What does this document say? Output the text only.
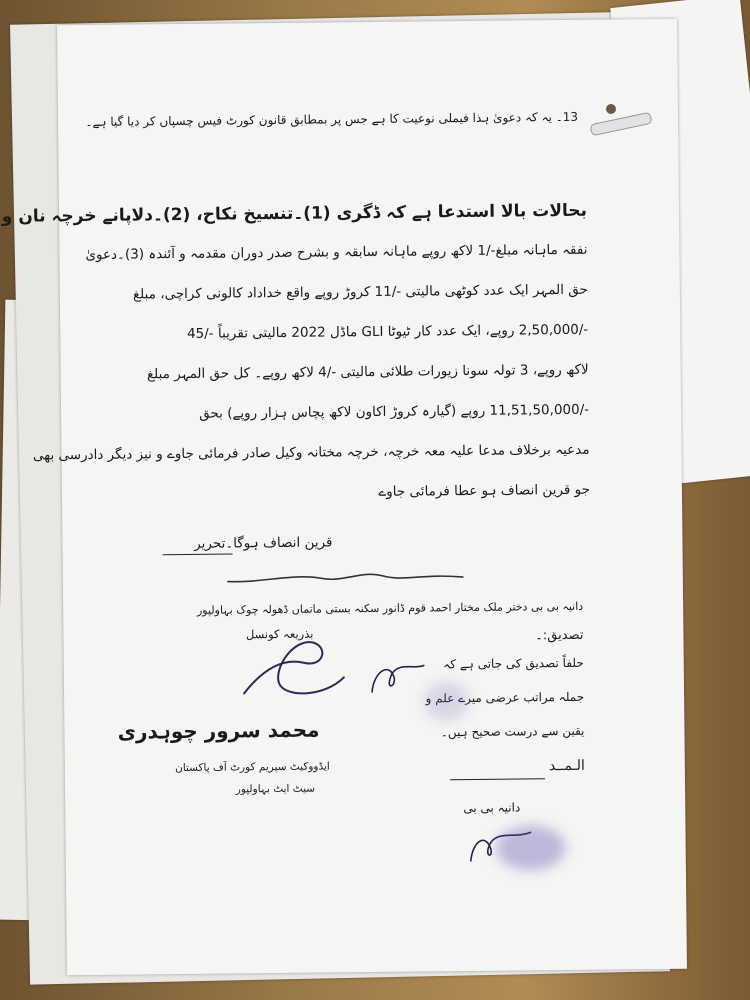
13۔ یہ کہ دعویٰ ہذا فیملی نوعیت کا ہے جس پر بمطابق قانون کورٹ فیس چسپاں کر دیا گیا ہے۔
بحالات بالا استدعا ہے کہ ڈگری (1)۔تنسیخ نکاح، (2)۔دلاپانے خرچہ نان و
نفقہ ماہانہ مبلغ-/1 لاکھ روپے ماہانہ سابقہ و بشرح صدر دوران مقدمہ و آئندہ (3)۔دعویٰ
حق المہر ایک عدد کوٹھی مالیتی -/11 کروڑ روپے واقع خداداد کالونی کراچی، مبلغ
-/2,50,000 روپے، ایک عدد کار ٹیوٹا GLI ماڈل 2022 مالیتی تقریباً -/45
لاکھ روپے، 3 تولہ سونا زیورات طلائی مالیتی -/4 لاکھ روپے۔ کل حق المہر مبلغ
-/11,51,50,000 روپے (گیارہ کروڑ اکاون لاکھ پچاس ہزار روپے) بحق
مدعیہ برخلاف مدعا علیہ معہ خرچہ، خرچہ مختانہ وکیل صادر فرمائی جاوے و نیز دیگر دادرسی بھی
جو قرین انصاف ہو عطا فرمائی جاوے
قرین انصاف ہوگا۔تحریر
دانیہ بی بی دختر ملک مختار احمد قوم ڈانور سکنہ بستی ماتماں ڈھولہ چوک بہاولپور
بذریعہ کونسل
محمد سرور چوہدری
ایڈووکیٹ سپریم کورٹ آف پاکستان
سیٹ ایٹ بہاولپور
تصدیق:۔
حلفاً تصدیق کی جاتی ہے کہ
جملہ مراتب عرضی میرے علم و
یقین سے درست صحیح ہیں۔
الـمــد
دانیہ بی بی
